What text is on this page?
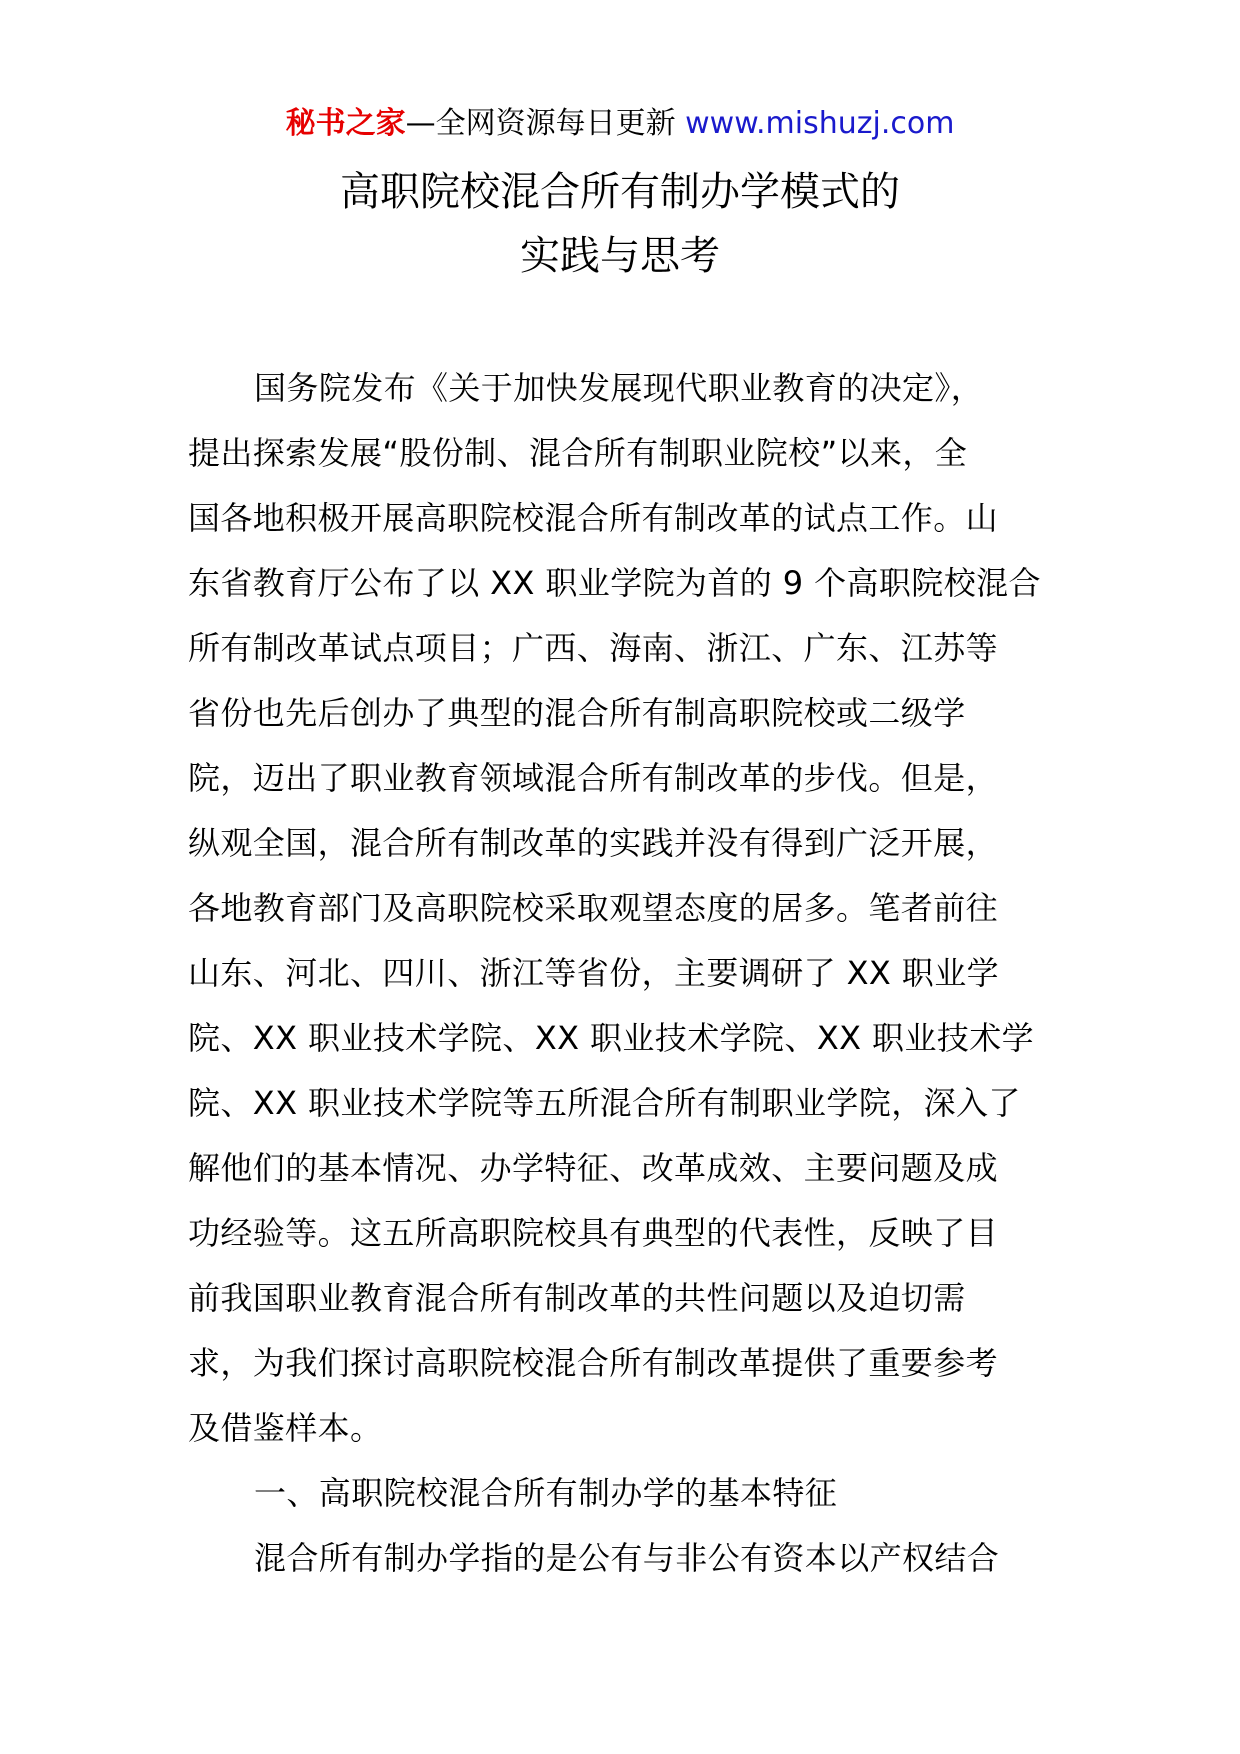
秘书之家—全网资源每日更新 www.mishuzj.com
高职院校混合所有制办学模式的
实践与思考
国务院发布《关于加快发展现代职业教育的决定》，
提出探索发展“股份制、混合所有制职业院校”以来，全
国各地积极开展高职院校混合所有制改革的试点工作。山
东省教育厅公布了以 XX 职业学院为首的 9 个高职院校混合
所有制改革试点项目；广西、海南、浙江、广东、江苏等
省份也先后创办了典型的混合所有制高职院校或二级学
院，迈出了职业教育领域混合所有制改革的步伐。但是，
纵观全国，混合所有制改革的实践并没有得到广泛开展，
各地教育部门及高职院校采取观望态度的居多。笔者前往
山东、河北、四川、浙江等省份，主要调研了 XX 职业学
院、XX 职业技术学院、XX 职业技术学院、XX 职业技术学
院、XX 职业技术学院等五所混合所有制职业学院，深入了
解他们的基本情况、办学特征、改革成效、主要问题及成
功经验等。这五所高职院校具有典型的代表性，反映了目
前我国职业教育混合所有制改革的共性问题以及迫切需
求，为我们探讨高职院校混合所有制改革提供了重要参考
及借鉴样本。
一、高职院校混合所有制办学的基本特征
混合所有制办学指的是公有与非公有资本以产权结合
